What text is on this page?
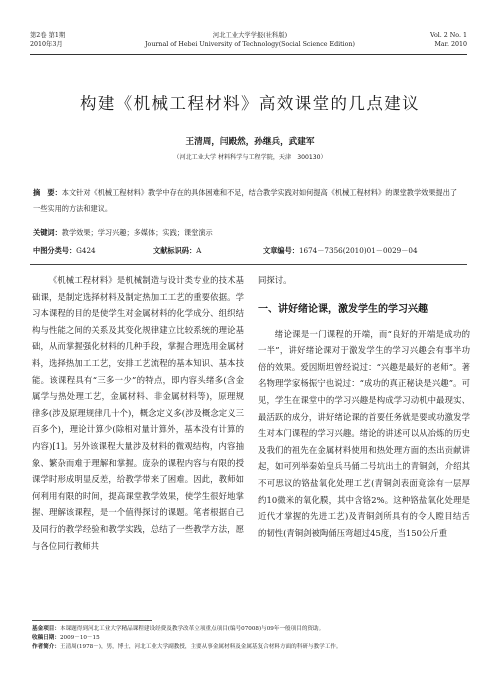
第2卷 第1期
2010年3月
河北工业大学学报(社科版)
Journal of Hebei University of Technology(Social Science Edition)
Vol. 2 No. 1
Mar. 2010
构建《机械工程材料》高效课堂的几点建议
王清周，闫殿然，孙继兵，武建军
（河北工业大学 材料科学与工程学院，天津　300130）
摘　要：本文针对《机械工程材料》教学中存在的具体困难和不足，结合教学实践对如何提高《机械工程材料》的课堂教学效果提出了一些实用的方法和建议。
关键词：教学效果；学习兴趣；多媒体；实践；课堂演示
中图分类号：G424	文献标识码：A	文章编号：1674－7356(2010)01－0029－04

《机械工程材料》是机械制造与设计类专业的技术基础课，是制定选择材料及制定热加工工艺的重要依据。学习本课程的目的是使学生对金属材料的化学成分、组织结构与性能之间的关系及其变化规律建立比较系统的理论基础，从而掌握强化材料的几种手段，掌握合理选用金属材料，选择热加工工艺，安排工艺流程的基本知识、基本技能。该课程具有“三多一少”的特点，即内容头绪多(含金属学与热处理工艺，金属材料、非金属材料等)，原理规律多(涉及原理规律几十个)，概念定义多(涉及概念定义三百多个)，理论计算少(除相对量计算外，基本没有计算的内容)[1]。另外该课程大量涉及材料的微观结构，内容抽象、繁杂而难于理解和掌握。庞杂的课程内容与有限的授课学时形成明显反差，给教学带来了困难。因此，教师如何利用有限的时间，提高课堂教学效果，使学生很好地掌握、理解该课程，是一个值得探讨的课题。笔者根据自己及同行的教学经验和教学实践，总结了一些教学方法，愿与各位同行教师共

同探讨。

一、讲好绪论课，激发学生的学习兴趣

绪论课是一门课程的开端，而“良好的开端是成功的一半”，讲好绪论课对于激发学生的学习兴趣会有事半功倍的效果。爱因斯坦曾经说过：“兴趣是最好的老师”。著名物理学家杨振宁也说过：“成功的真正秘诀是兴趣”。可见，学生在课堂中的学习兴趣是构成学习动机中最现实、最活跃的成分，讲好绪论课的首要任务就是要或功激发学生对本门课程的学习兴趣。绪论的讲述可以从冶炼的历史及我们的祖先在金属材料使用和热处理方面的杰出贡献讲起，如可列举秦始皇兵马俑二号坑出土的青铜剑，介绍其不可思议的铬盐氧化处理工艺(青铜剑表面竟涂有一层厚约10微米的氧化膜，其中含铬2%。这种铬盐氧化处理是近代才掌握的先进工艺)及青铜剑所具有的令人瞠目结舌的韧性(青铜剑被陶俑压弯超过45度，当150公斤重

基金项目：本课题得到河北工业大学精品课程建设经费及教学改革立项重点项目(编号07008)与09年一般项目的资助。
收稿日期：2009－10－15
作者简介：王清周(1978－)，男，博士，河北工业大学副教授，主要从事金属材料及金属基复合材料方面的科研与教学工作。
